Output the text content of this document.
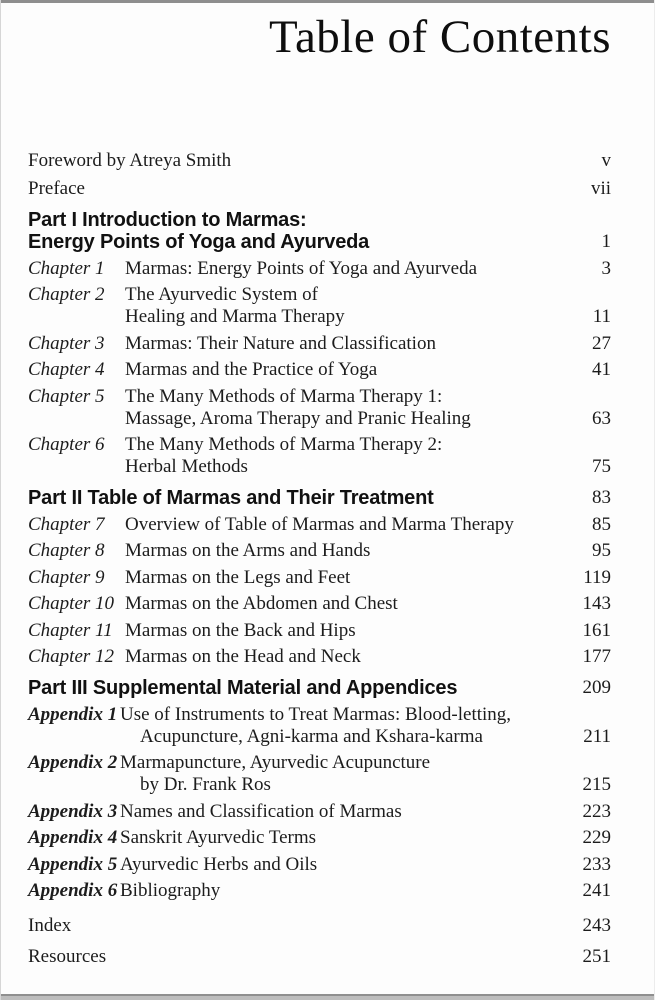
Table of Contents
Foreword by Atreya Smith	v
Preface	vii
Part I Introduction to Marmas:
Energy Points of Yoga and Ayurveda	1
Chapter 1 Marmas: Energy Points of Yoga and Ayurveda	3
Chapter 2 The Ayurvedic System of
Healing and Marma Therapy	11
Chapter 3 Marmas: Their Nature and Classification	27
Chapter 4 Marmas and the Practice of Yoga	41
Chapter 5 The Many Methods of Marma Therapy 1:
Massage, Aroma Therapy and Pranic Healing	63
Chapter 6 The Many Methods of Marma Therapy 2:
Herbal Methods	75
Part II Table of Marmas and Their Treatment	83
Chapter 7 Overview of Table of Marmas and Marma Therapy	85
Chapter 8 Marmas on the Arms and Hands	95
Chapter 9 Marmas on the Legs and Feet	119
Chapter 10 Marmas on the Abdomen and Chest	143
Chapter 11 Marmas on the Back and Hips	161
Chapter 12 Marmas on the Head and Neck	177
Part III Supplemental Material and Appendices	209
Appendix 1 Use of Instruments to Treat Marmas: Blood-letting,
Acupuncture, Agni-karma and Kshara-karma	211
Appendix 2 Marmapuncture, Ayurvedic Acupuncture
by Dr. Frank Ros	215
Appendix 3 Names and Classification of Marmas	223
Appendix 4 Sanskrit Ayurvedic Terms	229
Appendix 5 Ayurvedic Herbs and Oils	233
Appendix 6 Bibliography	241
Index	243
Resources	251
